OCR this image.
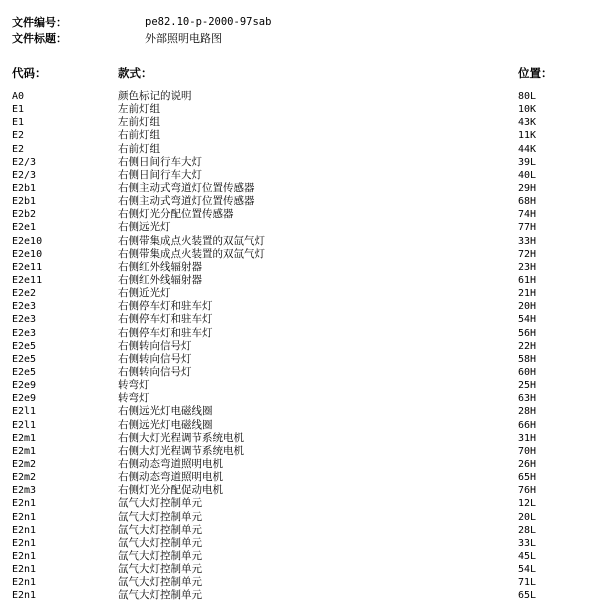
文件编号：	pe82.10-p-2000-97sab
文件标题：	外部照明电路图
代码：	款式：	位置：
A0	颜色标记的说明	80L
E1	左前灯组	10K
E1	左前灯组	43K
E2	右前灯组	11K
E2	右前灯组	44K
E2/3	右侧日间行车大灯	39L
E2/3	右侧日间行车大灯	40L
E2b1	右侧主动式弯道灯位置传感器	29H
E2b1	右侧主动式弯道灯位置传感器	68H
E2b2	右侧灯光分配位置传感器	74H
E2e1	右侧远光灯	77H
E2e10	右侧带集成点火装置的双氙气灯	33H
E2e10	右侧带集成点火装置的双氙气灯	72H
E2e11	右侧红外线辐射器	23H
E2e11	右侧红外线辐射器	61H
E2e2	右侧近光灯	21H
E2e3	右侧停车灯和驻车灯	20H
E2e3	右侧停车灯和驻车灯	54H
E2e3	右侧停车灯和驻车灯	56H
E2e5	右侧转向信号灯	22H
E2e5	右侧转向信号灯	58H
E2e5	右侧转向信号灯	60H
E2e9	转弯灯	25H
E2e9	转弯灯	63H
E2l1	右侧远光灯电磁线圈	28H
E2l1	右侧远光灯电磁线圈	66H
E2m1	右侧大灯光程调节系统电机	31H
E2m1	右侧大灯光程调节系统电机	70H
E2m2	右侧动态弯道照明电机	26H
E2m2	右侧动态弯道照明电机	65H
E2m3	右侧灯光分配促动电机	76H
E2n1	氙气大灯控制单元	12L
E2n1	氙气大灯控制单元	20L
E2n1	氙气大灯控制单元	28L
E2n1	氙气大灯控制单元	33L
E2n1	氙气大灯控制单元	45L
E2n1	氙气大灯控制单元	54L
E2n1	氙气大灯控制单元	71L
E2n1	氙气大灯控制单元	65L
